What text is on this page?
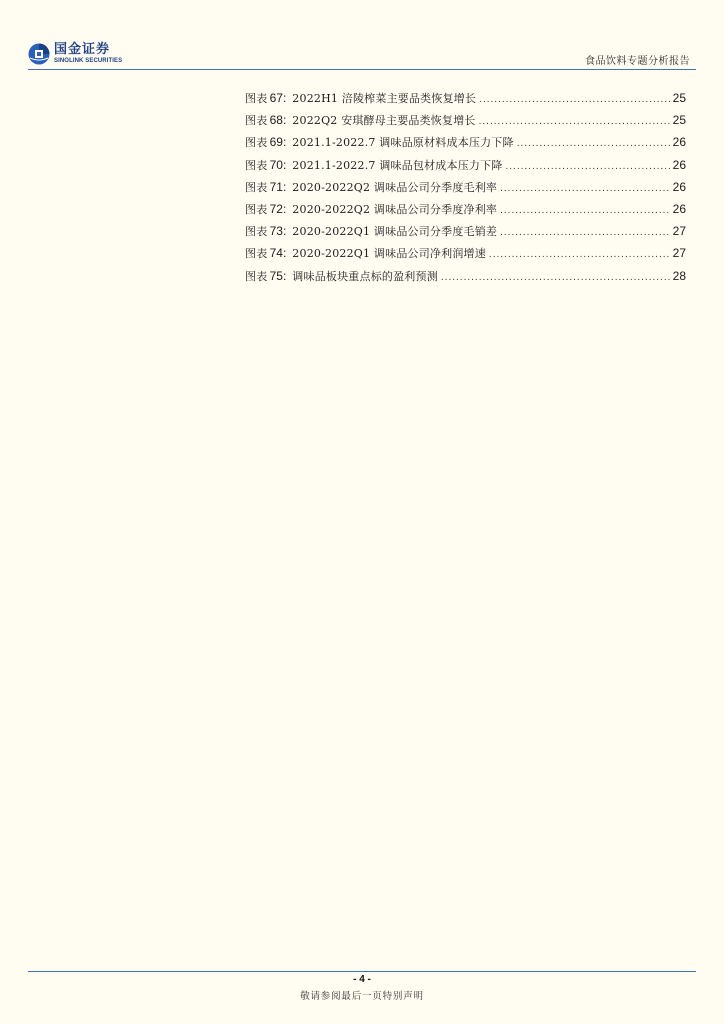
国金证券
SINOLINK SECURITIES	食品饮料专题分析报告
图表 67: 2022H1 涪陵榨菜主要品类恢复增长 .....	25
图表 68: 2022Q2 安琪酵母主要品类恢复增长 .....	25
图表 69: 2021.1-2022.7 调味品原材料成本压力下降 .....	26
图表 70: 2021.1-2022.7 调味品包材成本压力下降 .....	26
图表 71: 2020-2022Q2 调味品公司分季度毛利率 .....	26
图表 72: 2020-2022Q2 调味品公司分季度净利率 .....	26
图表 73: 2020-2022Q1 调味品公司分季度毛销差 .....	27
图表 74: 2020-2022Q1 调味品公司净利润增速 .....	27
图表 75: 调味品板块重点标的盈利预测 .....	28
- 4 -
敬请参阅最后一页特别声明
